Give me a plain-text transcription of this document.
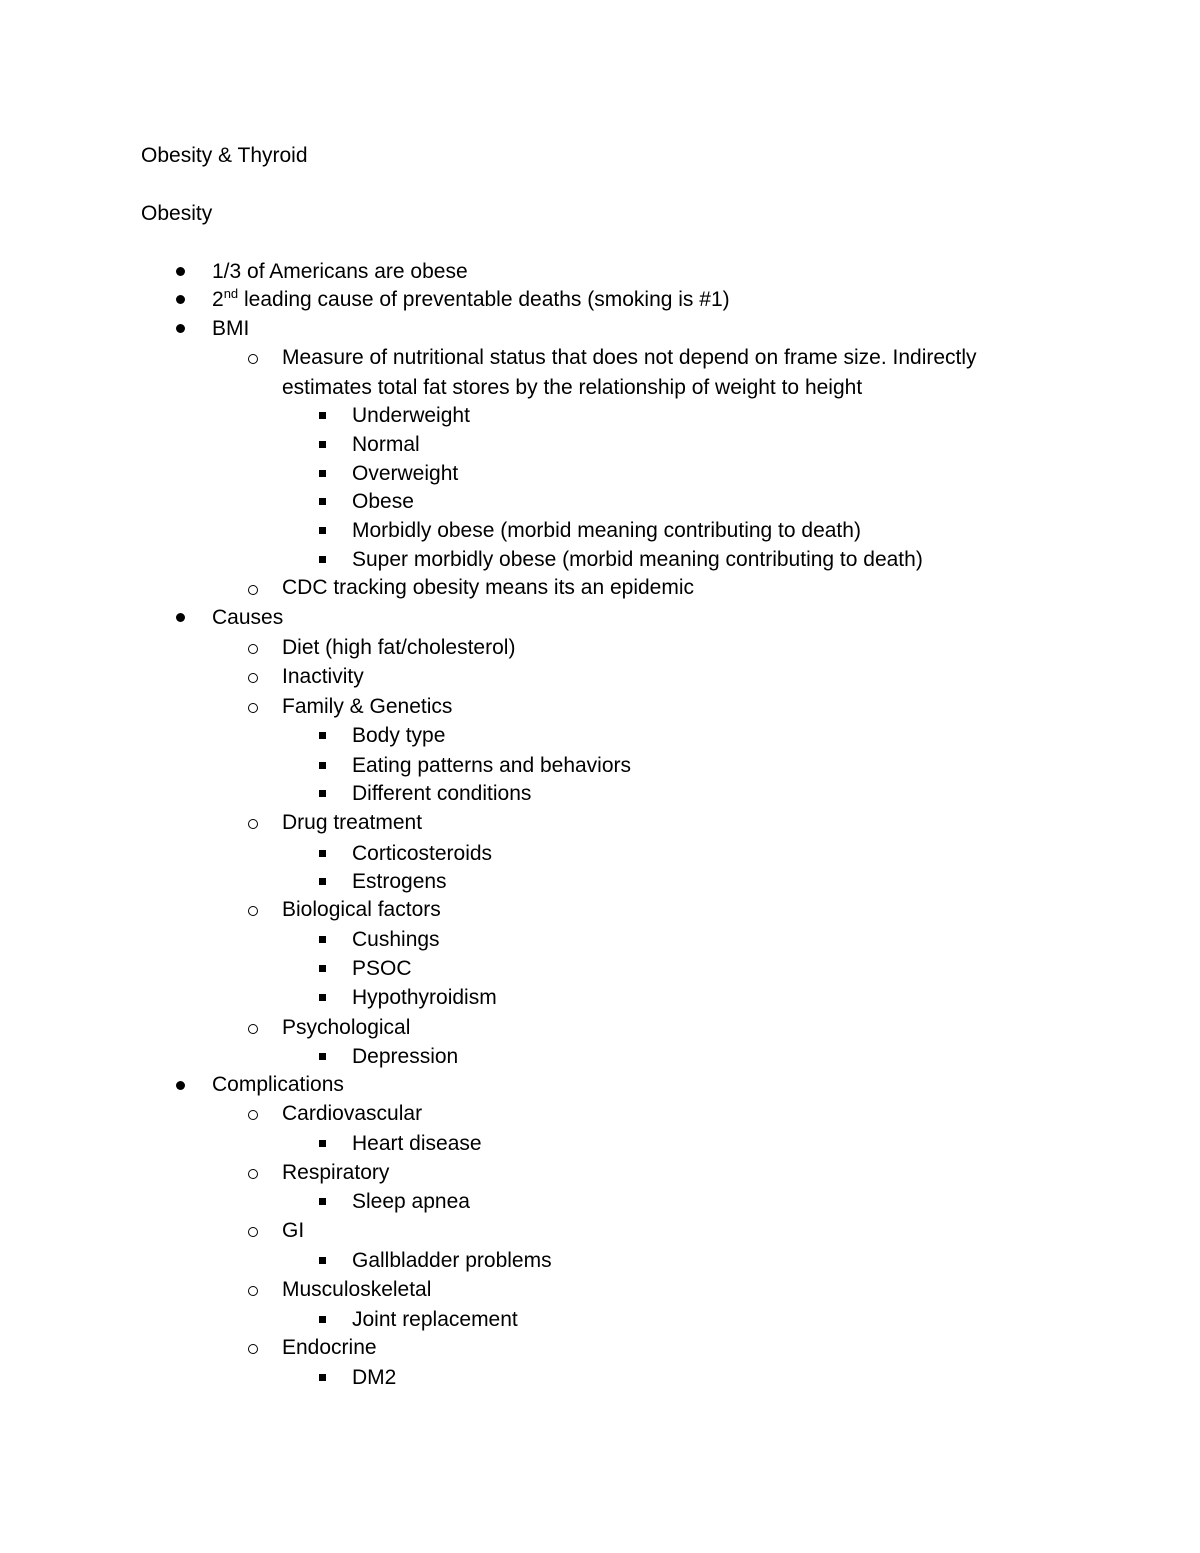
Obesity & Thyroid
Obesity
1/3 of Americans are obese
2nd leading cause of preventable deaths (smoking is #1)
BMI
Measure of nutritional status that does not depend on frame size. Indirectly
estimates total fat stores by the relationship of weight to height
Underweight
Normal
Overweight
Obese
Morbidly obese (morbid meaning contributing to death)
Super morbidly obese (morbid meaning contributing to death)
CDC tracking obesity means its an epidemic
Causes
Diet (high fat/cholesterol)
Inactivity
Family & Genetics
Body type
Eating patterns and behaviors
Different conditions
Drug treatment
Corticosteroids
Estrogens
Biological factors
Cushings
PSOC
Hypothyroidism
Psychological
Depression
Complications
Cardiovascular
Heart disease
Respiratory
Sleep apnea
GI
Gallbladder problems
Musculoskeletal
Joint replacement
Endocrine
DM2
